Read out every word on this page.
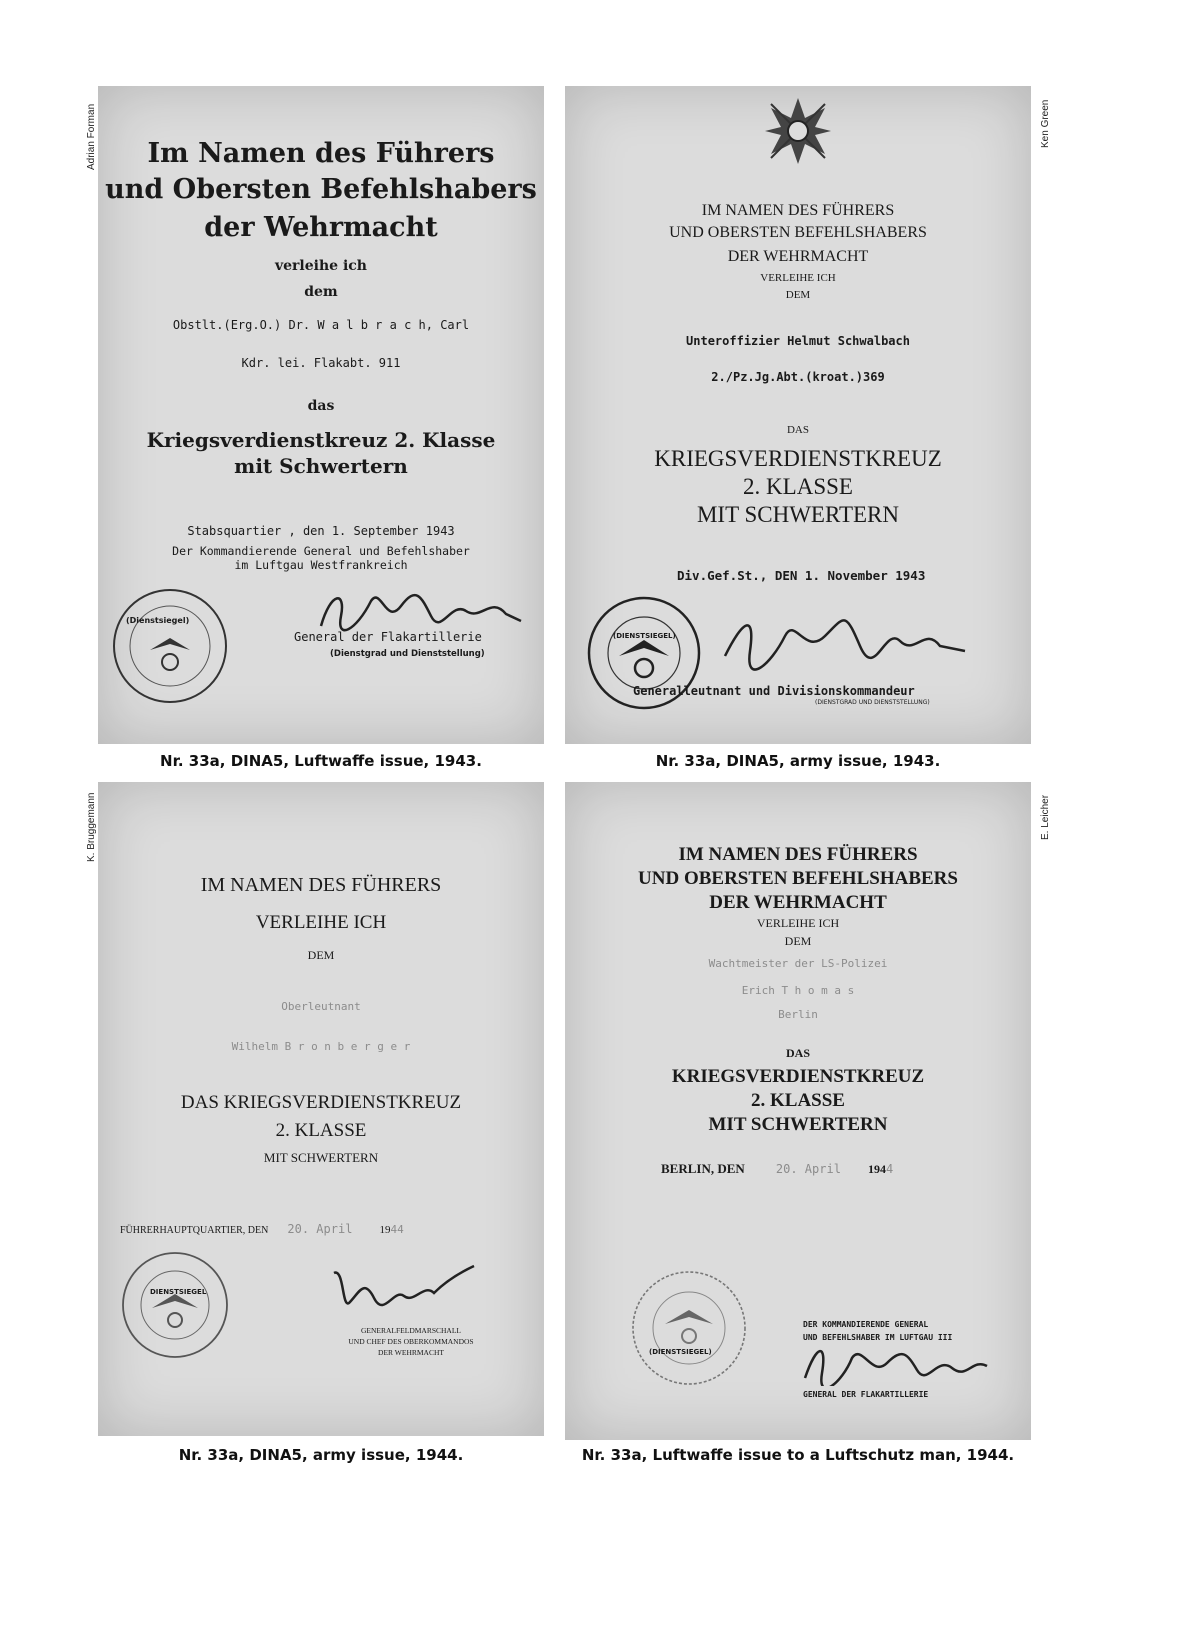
Adrian Forman	Ken Green
K. Bruggemann	E. Leicher
Im Namen des Führers
und Obersten Befehlshabers
der Wehrmacht
verleihe ich
dem
Obstlt.(Erg.O.) Dr. W a l b r a c h, Carl
Kdr. lei. Flakabt. 911
das
Kriegsverdienstkreuz 2. Klasse
mit Schwertern
Stabsquartier , den 1. September 1943
Der Kommandierende General und Befehlshaber
im Luftgau Westfrankreich
(Dienstsiegel)
General der Flakartillerie
(Dienstgrad und Dienststellung)
Nr. 33a, DINA5, Luftwaffe issue, 1943.
IM NAMEN DES FÜHRERS
UND OBERSTEN BEFEHLSHABERS
DER WEHRMACHT
VERLEIHE ICH
DEM
Unteroffizier Helmut Schwalbach
2./Pz.Jg.Abt.(kroat.)369
DAS
KRIEGSVERDIENSTKREUZ
2. KLASSE
MIT SCHWERTERN
Div.Gef.St., DEN 1. November 1943
(DIENSTSIEGEL)
Generalleutnant und Divisionskommandeur
(DIENSTGRAD UND DIENSTSTELLUNG)
Nr. 33a, DINA5, army issue, 1943.
IM NAMEN DES FÜHRERS
VERLEIHE ICH
DEM
Oberleutnant
Wilhelm B r o n b e r g e r
DAS KRIEGSVERDIENSTKREUZ
2. KLASSE
MIT SCHWERTERN
FÜHRERHAUPTQUARTIER, DEN 20. April 1944
DIENSTSIEGEL
GENERALFELDMARSCHALL
UND CHEF DES OBERKOMMANDOS
DER WEHRMACHT
Nr. 33a, DINA5, army issue, 1944.
IM NAMEN DES FÜHRERS
UND OBERSTEN BEFEHLSHABERS
DER WEHRMACHT
VERLEIHE ICH
DEM
Wachtmeister der LS-Polizei
Erich T h o m a s
Berlin
DAS
KRIEGSVERDIENSTKREUZ
2. KLASSE
MIT SCHWERTERN
BERLIN, DEN	20. April 1944
(DIENSTSIEGEL)
DER KOMMANDIERENDE GENERAL
UND BEFEHLSHABER IM LUFTGAU III
GENERAL DER FLAKARTILLERIE
Nr. 33a, Luftwaffe issue to a Luftschutz man, 1944.
